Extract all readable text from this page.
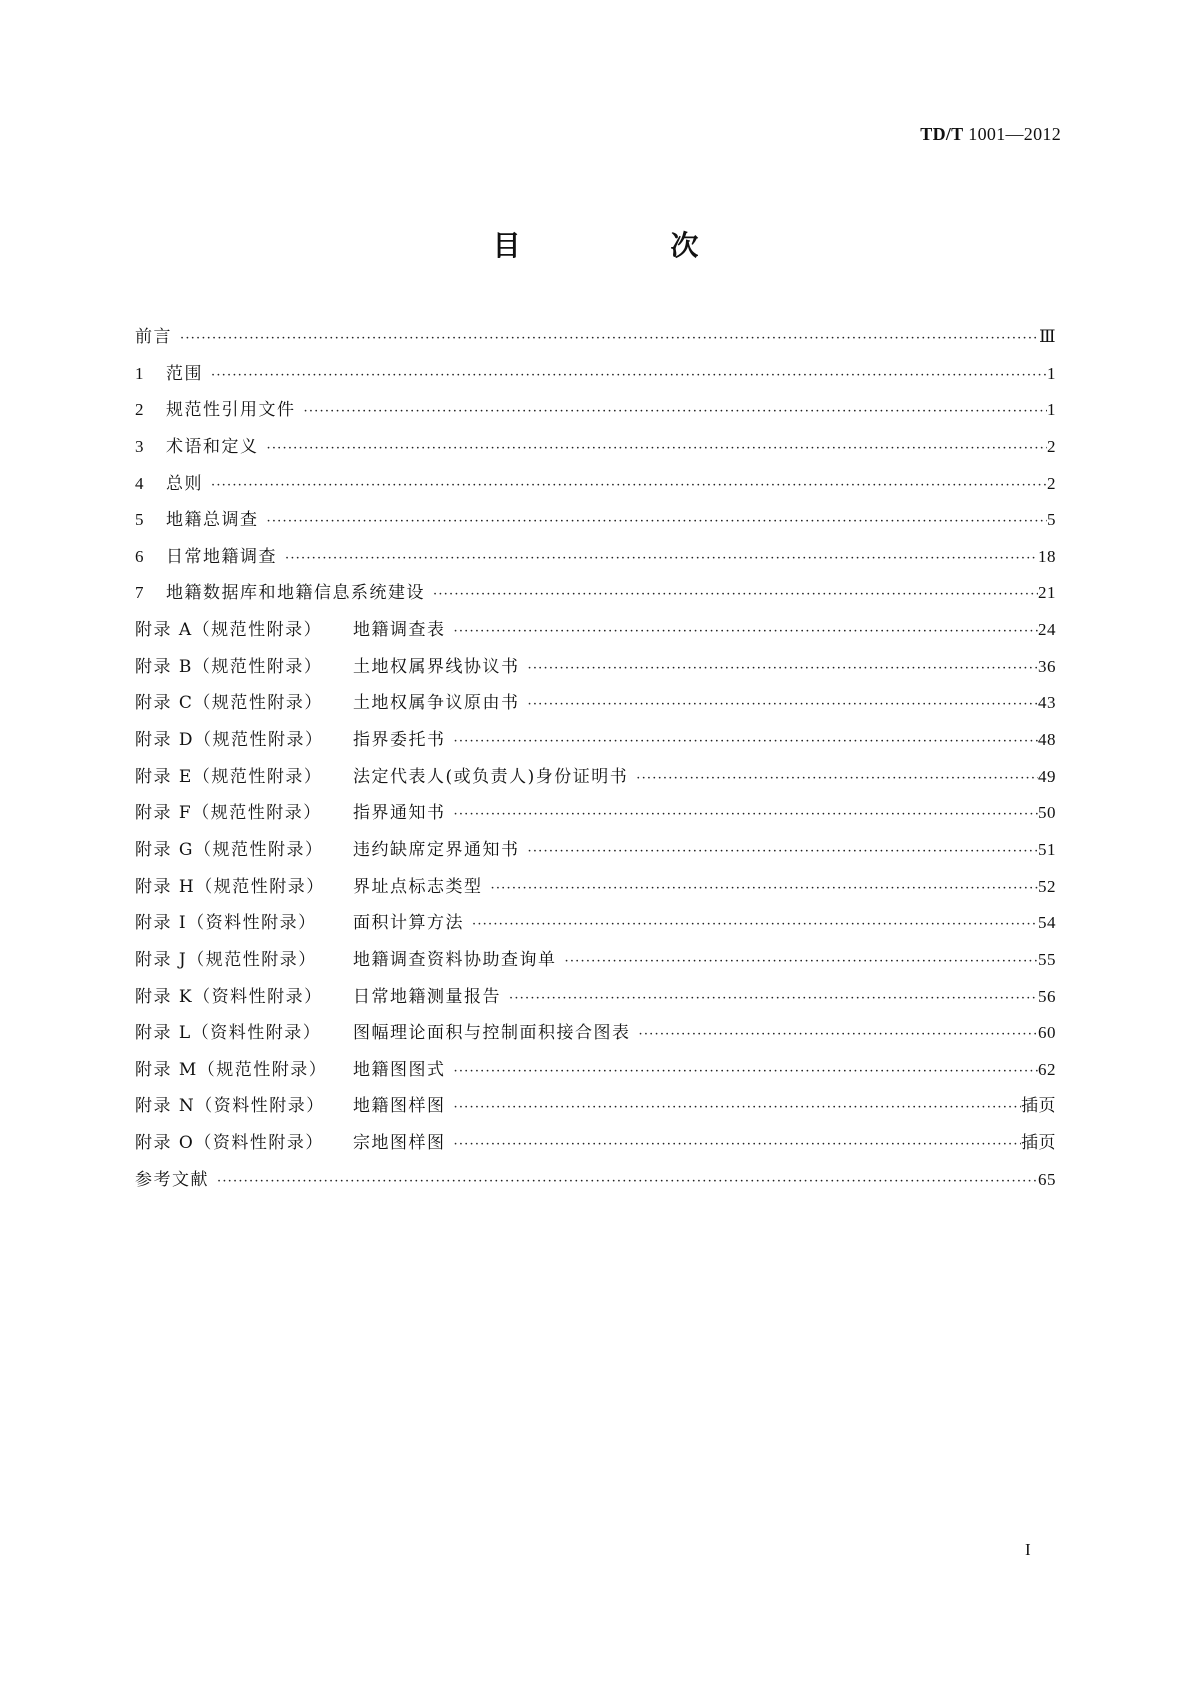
TD/T 1001—2012
目 次
前言 ·····	Ⅲ
1	范围 ·····	1
2	规范性引用文件 ·····	1
3	术语和定义 ·····	2
4	总则 ·····	2
5	地籍总调查 ·····	5
6	日常地籍调查 ·····	18
7	地籍数据库和地籍信息系统建设 ·····	21
附录 A（规范性附录）	地籍调查表 ·····	24
附录 B（规范性附录）	土地权属界线协议书 ·····	36
附录 C（规范性附录）	土地权属争议原由书 ·····	43
附录 D（规范性附录）	指界委托书 ·····	48
附录 E（规范性附录）	法定代表人(或负责人)身份证明书 ·····	49
附录 F（规范性附录）	指界通知书 ·····	50
附录 G（规范性附录）	违约缺席定界通知书 ·····	51
附录 H（规范性附录）	界址点标志类型 ·····	52
附录 I（资料性附录）	面积计算方法 ·····	54
附录 J（规范性附录）	地籍调查资料协助查询单 ·····	55
附录 K（资料性附录）	日常地籍测量报告 ·····	56
附录 L（资料性附录）	图幅理论面积与控制面积接合图表 ·····	60
附录 M（规范性附录）	地籍图图式 ·····	62
附录 N（资料性附录）	地籍图样图 ·····	插页
附录 O（资料性附录）	宗地图样图 ·····	插页
参考文献 ·····	65
I
